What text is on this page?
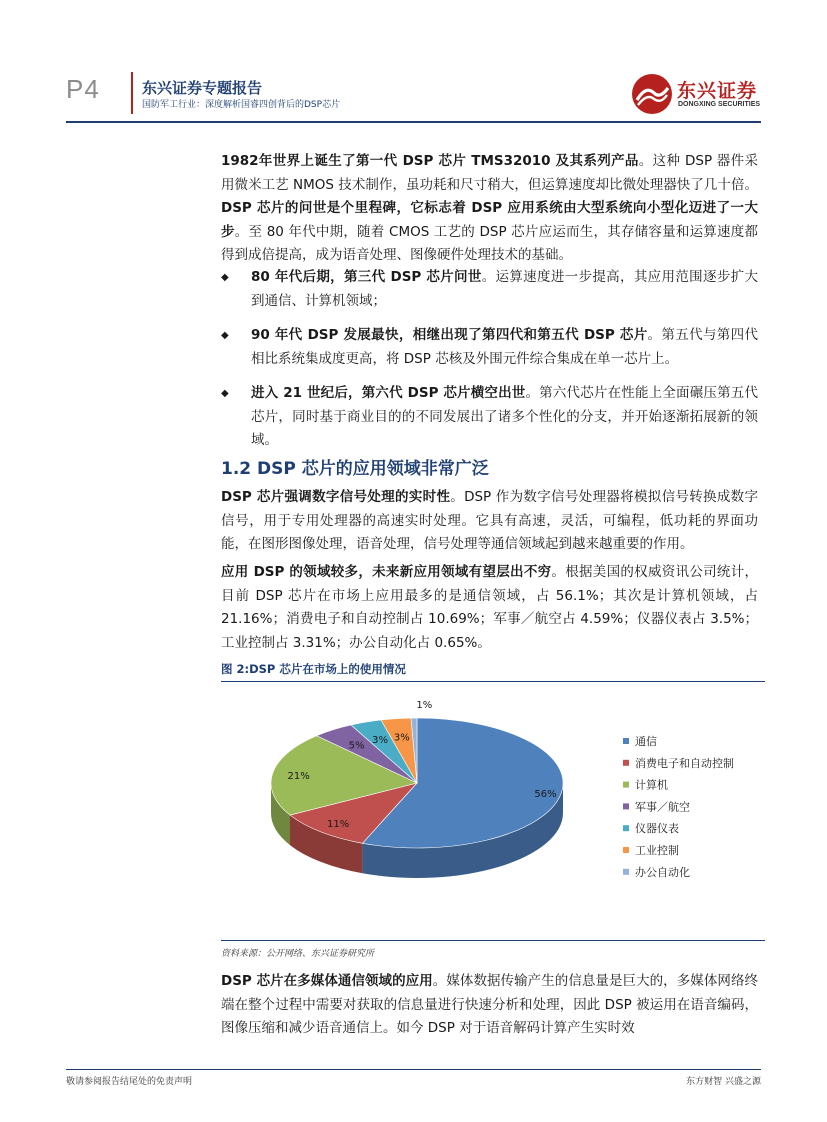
P4	东兴证券专题报告
国防军工行业：深度解析国睿四创背后的DSP芯片
东兴证券
DONGXING SECURITIES
1982年世界上诞生了第一代 DSP 芯片 TMS32010 及其系列产品。这种 DSP 器件采用微米工艺 NMOS 技术制作，虽功耗和尺寸稍大，但运算速度却比微处理器快了几十倍。DSP 芯片的问世是个里程碑，它标志着 DSP 应用系统由大型系统向小型化迈进了一大步。至 80 年代中期，随着 CMOS 工艺的 DSP 芯片应运而生，其存储容量和运算速度都得到成倍提高，成为语音处理、图像硬件处理技术的基础。
◆ 80 年代后期，第三代 DSP 芯片问世。运算速度进一步提高，其应用范围逐步扩大到通信、计算机领域；
◆ 90 年代 DSP 发展最快，相继出现了第四代和第五代 DSP 芯片。第五代与第四代相比系统集成度更高，将 DSP 芯核及外围元件综合集成在单一芯片上。
◆ 进入 21 世纪后，第六代 DSP 芯片横空出世。第六代芯片在性能上全面碾压第五代芯片，同时基于商业目的的不同发展出了诸多个性化的分支，并开始逐渐拓展新的领域。
1.2 DSP 芯片的应用领域非常广泛
DSP 芯片强调数字信号处理的实时性。DSP 作为数字信号处理器将模拟信号转换成数字信号，用于专用处理器的高速实时处理。它具有高速，灵活，可编程，低功耗的界面功能，在图形图像处理，语音处理，信号处理等通信领域起到越来越重要的作用。
应用 DSP 的领域较多，未来新应用领域有望层出不穷。根据美国的权威资讯公司统计，目前 DSP 芯片在市场上应用最多的是通信领域，占 56.1%；其次是计算机领域，占 21.16%；消费电子和自动控制占 10.69%；军事／航空占 4.59%；仪器仪表占 3.5%；工业控制占 3.31%；办公自动化占 0.65%。
图 2:DSP 芯片在市场上的使用情况
56%
11%
21%
5%
3% 3%
1%
通信
消费电子和自动控制
计算机
军事／航空
仪器仪表
工业控制
办公自动化
资料来源：公开网络、东兴证券研究所
DSP 芯片在多媒体通信领域的应用。媒体数据传输产生的信息量是巨大的，多媒体网络终端在整个过程中需要对获取的信息量进行快速分析和处理，因此 DSP 被运用在语音编码，图像压缩和减少语音通信上。如今 DSP 对于语音解码计算产生实时效
敬请参阅报告结尾处的免责声明	东方财智 兴盛之源
